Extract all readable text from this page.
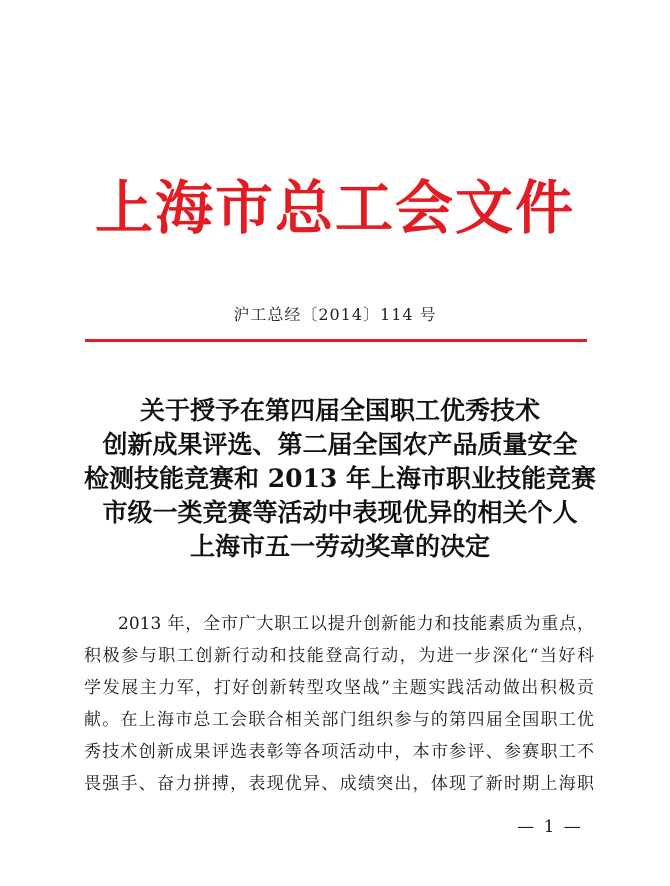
上海市总工会文件
沪工总经〔2014〕114 号
关于授予在第四届全国职工优秀技术
创新成果评选、第二届全国农产品质量安全
检测技能竞赛和 2013 年上海市职业技能竞赛
市级一类竞赛等活动中表现优异的相关个人
上海市五一劳动奖章的决定
2013 年，全市广大职工以提升创新能力和技能素质为重点，
积极参与职工创新行动和技能登高行动，为进一步深化“当好科
学发展主力军，打好创新转型攻坚战”主题实践活动做出积极贡
献。在上海市总工会联合相关部门组织参与的第四届全国职工优
秀技术创新成果评选表彰等各项活动中，本市参评、参赛职工不
畏强手、奋力拼搏，表现优异、成绩突出，体现了新时期上海职
— 1 —
